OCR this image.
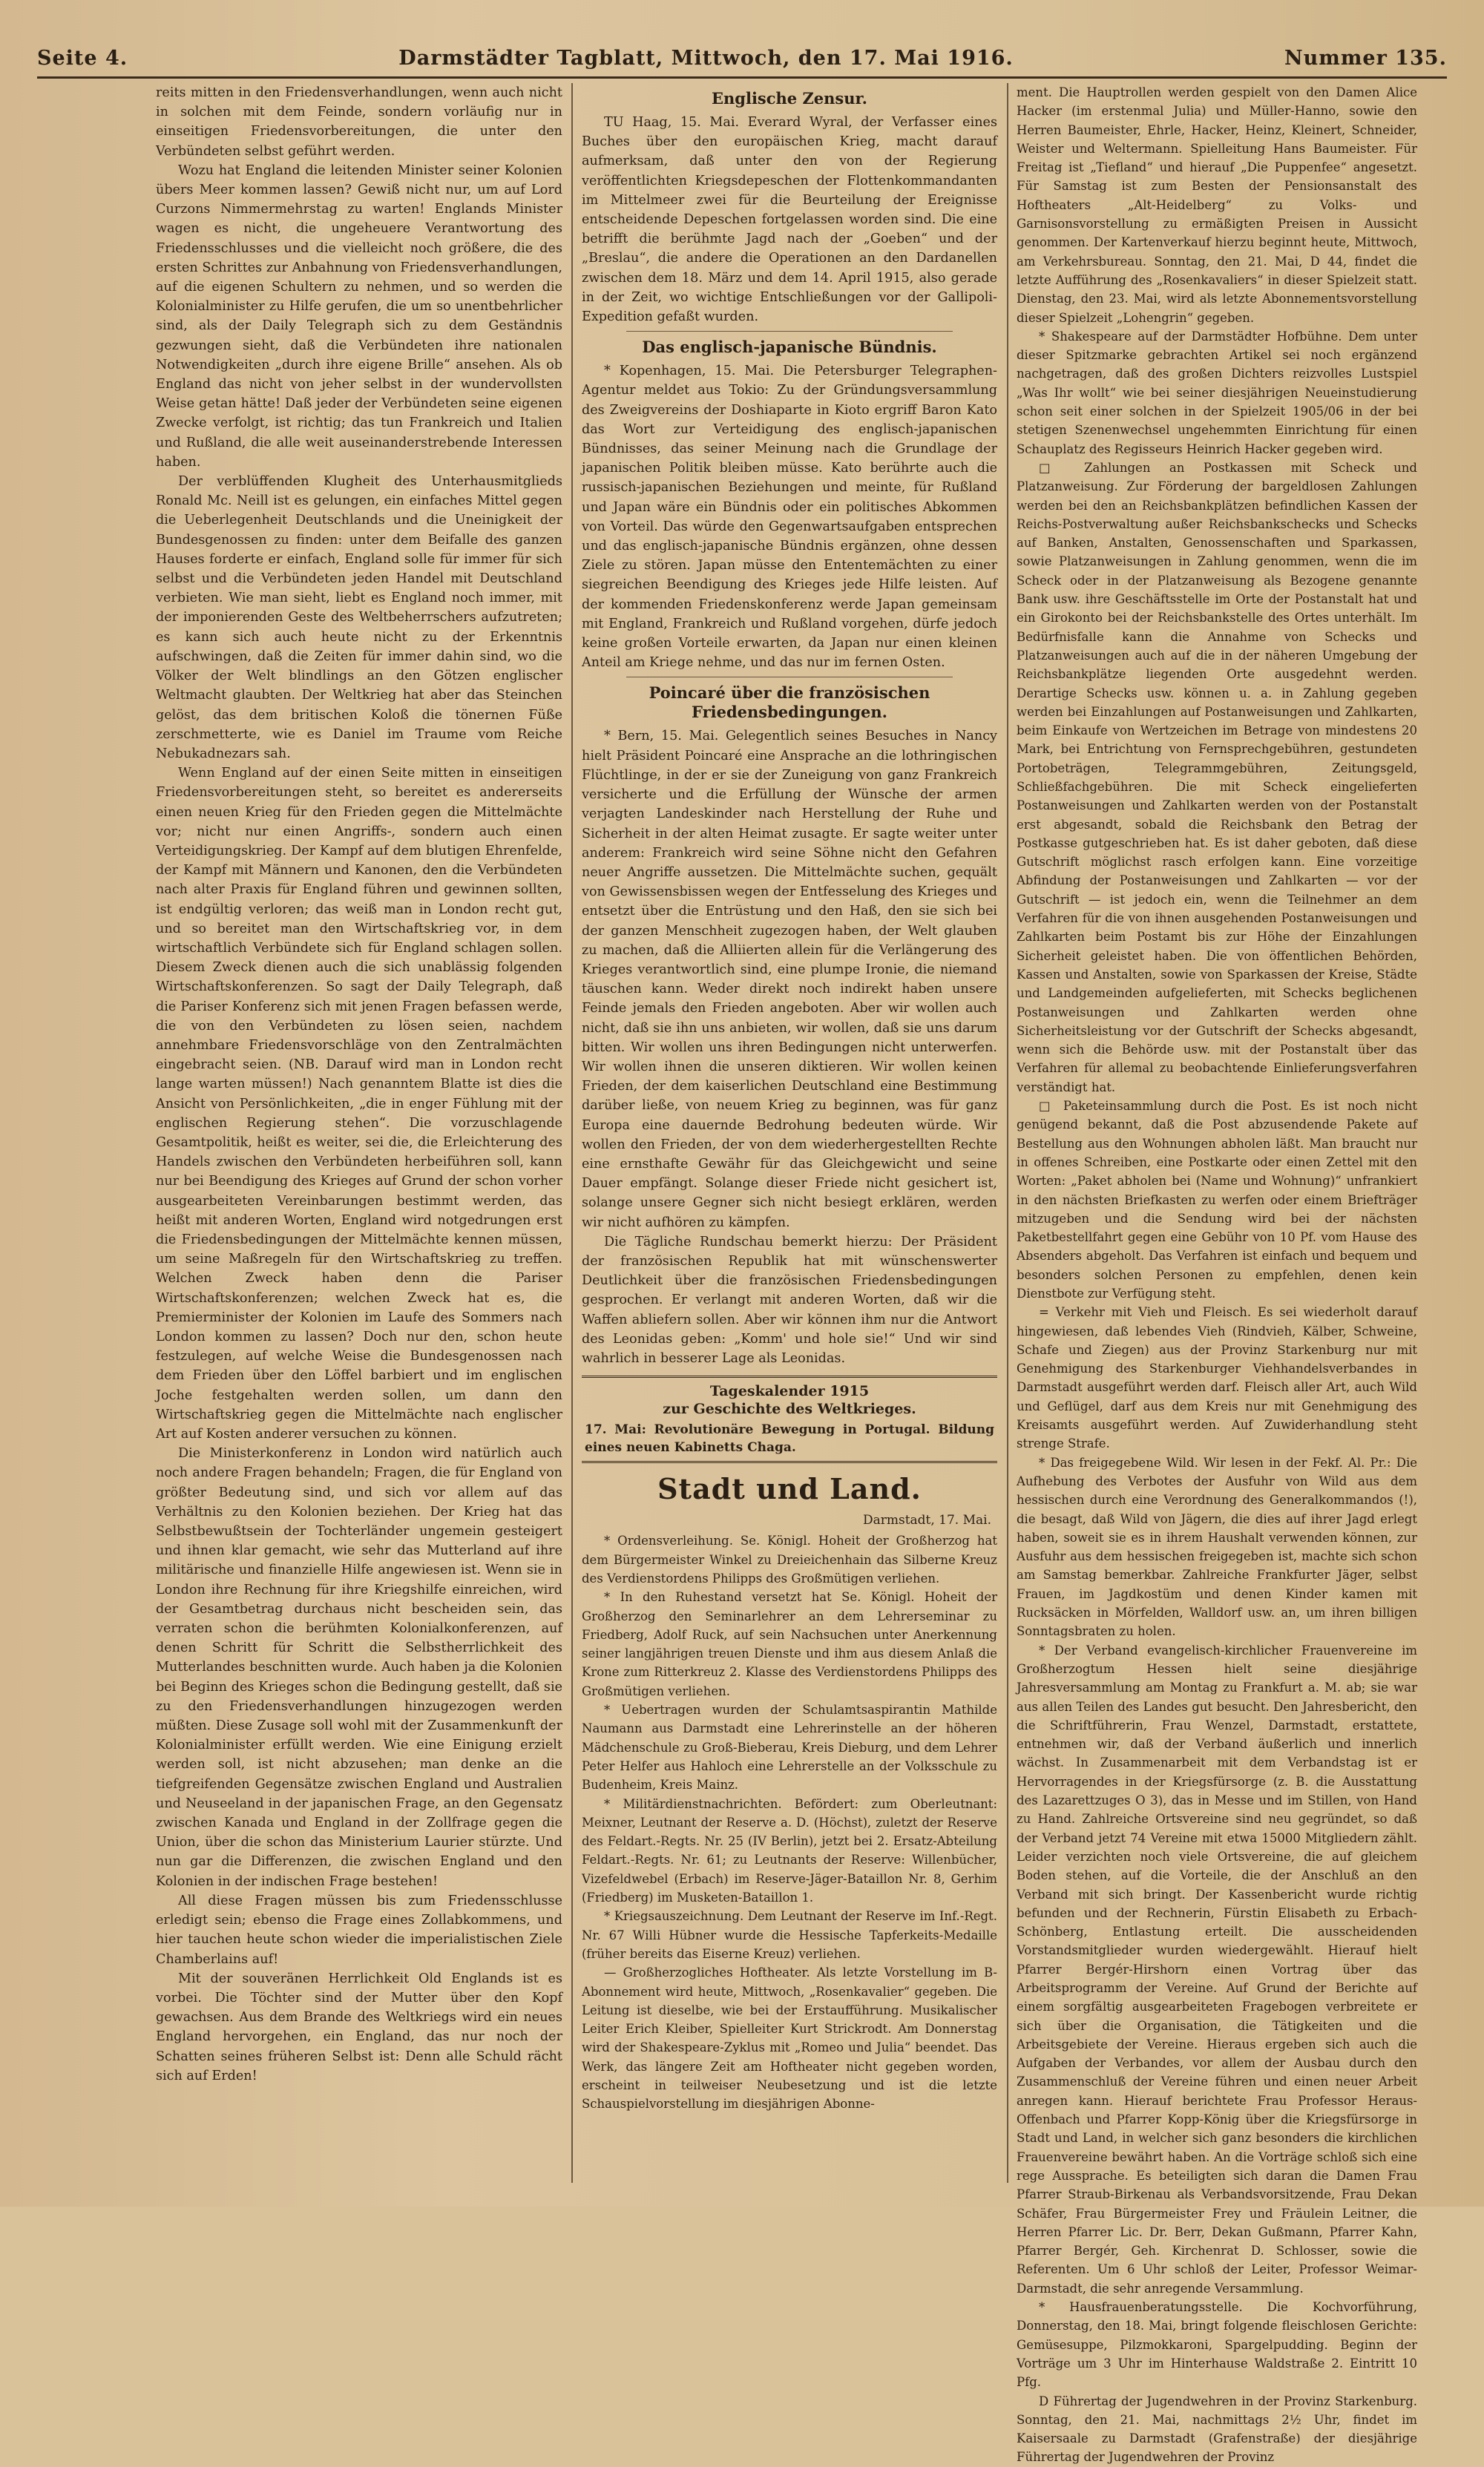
Seite 4.	Darmstädter Tagblatt, Mittwoch, den 17. Mai 1916.	Nummer 135.

reits mitten in den Friedensverhandlungen, wenn auch nicht in solchen mit dem Feinde, sondern vorläufig nur in einseitigen Friedensvorbereitungen, die unter den Verbündeten selbst geführt werden.

Wozu hat England die leitenden Minister seiner Kolonien übers Meer kommen lassen? Gewiß nicht nur, um auf Lord Curzons Nimmermehrstag zu warten! Englands Minister wagen es nicht, die ungeheuere Verantwortung des Friedensschlusses und die vielleicht noch größere, die des ersten Schrittes zur Anbahnung von Friedensverhandlungen, auf die eigenen Schultern zu nehmen, und so werden die Kolonialminister zu Hilfe gerufen, die um so unentbehrlicher sind, als der Daily Telegraph sich zu dem Geständnis gezwungen sieht, daß die Verbündeten ihre nationalen Notwendigkeiten „durch ihre eigene Brille“ ansehen. Als ob England das nicht von jeher selbst in der wundervollsten Weise getan hätte! Daß jeder der Verbündeten seine eigenen Zwecke verfolgt, ist richtig; das tun Frankreich und Italien und Rußland, die alle weit auseinanderstrebende Interessen haben.

Der verblüffenden Klugheit des Unterhausmitglieds Ronald Mc. Neill ist es gelungen, ein einfaches Mittel gegen die Ueberlegenheit Deutschlands und die Uneinigkeit der Bundesgenossen zu finden: unter dem Beifalle des ganzen Hauses forderte er einfach, England solle für immer für sich selbst und die Verbündeten jeden Handel mit Deutschland verbieten. Wie man sieht, liebt es England noch immer, mit der imponierenden Geste des Weltbeherrschers aufzutreten; es kann sich auch heute nicht zu der Erkenntnis aufschwingen, daß die Zeiten für immer dahin sind, wo die Völker der Welt blindlings an den Götzen englischer Weltmacht glaubten. Der Weltkrieg hat aber das Steinchen gelöst, das dem britischen Koloß die tönernen Füße zerschmetterte, wie es Daniel im Traume vom Reiche Nebukadnezars sah.

Wenn England auf der einen Seite mitten in einseitigen Friedensvorbereitungen steht, so bereitet es andererseits einen neuen Krieg für den Frieden gegen die Mittelmächte vor; nicht nur einen Angriffs-, sondern auch einen Verteidigungskrieg. Der Kampf auf dem blutigen Ehrenfelde, der Kampf mit Männern und Kanonen, den die Verbündeten nach alter Praxis für England führen und gewinnen sollten, ist endgültig verloren; das weiß man in London recht gut, und so bereitet man den Wirtschaftskrieg vor, in dem wirtschaftlich Verbündete sich für England schlagen sollen. Diesem Zweck dienen auch die sich unablässig folgenden Wirtschaftskonferenzen. So sagt der Daily Telegraph, daß die Pariser Konferenz sich mit jenen Fragen befassen werde, die von den Verbündeten zu lösen seien, nachdem annehmbare Friedensvorschläge von den Zentralmächten eingebracht seien. (NB. Darauf wird man in London recht lange warten müssen!) Nach genanntem Blatte ist dies die Ansicht von Persönlichkeiten, „die in enger Fühlung mit der englischen Regierung stehen“. Die vorzuschlagende Gesamtpolitik, heißt es weiter, sei die, die Erleichterung des Handels zwischen den Verbündeten herbeiführen soll, kann nur bei Beendigung des Krieges auf Grund der schon vorher ausgearbeiteten Vereinbarungen bestimmt werden, das heißt mit anderen Worten, England wird notgedrungen erst die Friedensbedingungen der Mittelmächte kennen müssen, um seine Maßregeln für den Wirtschaftskrieg zu treffen. Welchen Zweck haben denn die Pariser Wirtschaftskonferenzen; welchen Zweck hat es, die Premierminister der Kolonien im Laufe des Sommers nach London kommen zu lassen? Doch nur den, schon heute festzulegen, auf welche Weise die Bundesgenossen nach dem Frieden über den Löffel barbiert und im englischen Joche festgehalten werden sollen, um dann den Wirtschaftskrieg gegen die Mittelmächte nach englischer Art auf Kosten anderer versuchen zu können.

Die Ministerkonferenz in London wird natürlich auch noch andere Fragen behandeln; Fragen, die für England von größter Bedeutung sind, und sich vor allem auf das Verhältnis zu den Kolonien beziehen. Der Krieg hat das Selbstbewußtsein der Tochterländer ungemein gesteigert und ihnen klar gemacht, wie sehr das Mutterland auf ihre militärische und finanzielle Hilfe angewiesen ist. Wenn sie in London ihre Rechnung für ihre Kriegshilfe einreichen, wird der Gesamtbetrag durchaus nicht bescheiden sein, das verraten schon die berühmten Kolonialkonferenzen, auf denen Schritt für Schritt die Selbstherrlichkeit des Mutterlandes beschnitten wurde. Auch haben ja die Kolonien bei Beginn des Krieges schon die Bedingung gestellt, daß sie zu den Friedensverhandlungen hinzugezogen werden müßten. Diese Zusage soll wohl mit der Zusammenkunft der Kolonialminister erfüllt werden. Wie eine Einigung erzielt werden soll, ist nicht abzusehen; man denke an die tiefgreifenden Gegensätze zwischen England und Australien und Neuseeland in der japanischen Frage, an den Gegensatz zwischen Kanada und England in der Zollfrage gegen die Union, über die schon das Ministerium Laurier stürzte. Und nun gar die Differenzen, die zwischen England und den Kolonien in der indischen Frage bestehen!

All diese Fragen müssen bis zum Friedensschlusse erledigt sein; ebenso die Frage eines Zollabkommens, und hier tauchen heute schon wieder die imperialistischen Ziele Chamberlains auf!

Mit der souveränen Herrlichkeit Old Englands ist es vorbei. Die Töchter sind der Mutter über den Kopf gewachsen. Aus dem Brande des Weltkriegs wird ein neues England hervorgehen, ein England, das nur noch der Schatten seines früheren Selbst ist: Denn alle Schuld rächt sich auf Erden!

Englische Zensur.

TU Haag, 15. Mai. Everard Wyral, der Verfasser eines Buches über den europäischen Krieg, macht darauf aufmerksam, daß unter den von der Regierung veröffentlichten Kriegsdepeschen der Flottenkommandanten im Mittelmeer zwei für die Beurteilung der Ereignisse entscheidende Depeschen fortgelassen worden sind. Die eine betrifft die berühmte Jagd nach der „Goeben“ und der „Breslau“, die andere die Operationen an den Dardanellen zwischen dem 18. März und dem 14. April 1915, also gerade in der Zeit, wo wichtige Entschließungen vor der Gallipoli-Expedition gefaßt wurden.

Das englisch-japanische Bündnis.

* Kopenhagen, 15. Mai. Die Petersburger Telegraphen-Agentur meldet aus Tokio: Zu der Gründungsversammlung des Zweigvereins der Doshiaparte in Kioto ergriff Baron Kato das Wort zur Verteidigung des englisch-japanischen Bündnisses, das seiner Meinung nach die Grundlage der japanischen Politik bleiben müsse. Kato berührte auch die russisch-japanischen Beziehungen und meinte, für Rußland und Japan wäre ein Bündnis oder ein politisches Abkommen von Vorteil. Das würde den Gegenwartsaufgaben entsprechen und das englisch-japanische Bündnis ergänzen, ohne dessen Ziele zu stören. Japan müsse den Ententemächten zu einer siegreichen Beendigung des Krieges jede Hilfe leisten. Auf der kommenden Friedenskonferenz werde Japan gemeinsam mit England, Frankreich und Rußland vorgehen, dürfe jedoch keine großen Vorteile erwarten, da Japan nur einen kleinen Anteil am Kriege nehme, und das nur im fernen Osten.

Poincaré über die französischen Friedensbedingungen.

* Bern, 15. Mai. Gelegentlich seines Besuches in Nancy hielt Präsident Poincaré eine Ansprache an die lothringischen Flüchtlinge, in der er sie der Zuneigung von ganz Frankreich versicherte und die Erfüllung der Wünsche der armen verjagten Landeskinder nach Herstellung der Ruhe und Sicherheit in der alten Heimat zusagte. Er sagte weiter unter anderem: Frankreich wird seine Söhne nicht den Gefahren neuer Angriffe aussetzen. Die Mittelmächte suchen, gequält von Gewissensbissen wegen der Entfesselung des Krieges und entsetzt über die Entrüstung und den Haß, den sie sich bei der ganzen Menschheit zugezogen haben, der Welt glauben zu machen, daß die Alliierten allein für die Verlängerung des Krieges verantwortlich sind, eine plumpe Ironie, die niemand täuschen kann. Weder direkt noch indirekt haben unsere Feinde jemals den Frieden angeboten. Aber wir wollen auch nicht, daß sie ihn uns anbieten, wir wollen, daß sie uns darum bitten. Wir wollen uns ihren Bedingungen nicht unterwerfen. Wir wollen ihnen die unseren diktieren. Wir wollen keinen Frieden, der dem kaiserlichen Deutschland eine Bestimmung darüber ließe, von neuem Krieg zu beginnen, was für ganz Europa eine dauernde Bedrohung bedeuten würde. Wir wollen den Frieden, der von dem wiederhergestellten Rechte eine ernsthafte Gewähr für das Gleichgewicht und seine Dauer empfängt. Solange dieser Friede nicht gesichert ist, solange unsere Gegner sich nicht besiegt erklären, werden wir nicht aufhören zu kämpfen.

Die Tägliche Rundschau bemerkt hierzu: Der Präsident der französischen Republik hat mit wünschenswerter Deutlichkeit über die französischen Friedensbedingungen gesprochen. Er verlangt mit anderen Worten, daß wir die Waffen abliefern sollen. Aber wir können ihm nur die Antwort des Leonidas geben: „Komm' und hole sie!“ Und wir sind wahrlich in besserer Lage als Leonidas.

Tageskalender 1915
zur Geschichte des Weltkrieges.
17. Mai: Revolutionäre Bewegung in Portugal. Bildung eines neuen Kabinetts Chaga.
Stadt und Land.
Darmstadt, 17. Mai.

* Ordensverleihung. Se. Königl. Hoheit der Großherzog hat dem Bürgermeister Winkel zu Dreieichenhain das Silberne Kreuz des Verdienstordens Philipps des Großmütigen verliehen.

* In den Ruhestand versetzt hat Se. Königl. Hoheit der Großherzog den Seminarlehrer an dem Lehrerseminar zu Friedberg, Adolf Ruck, auf sein Nachsuchen unter Anerkennung seiner langjährigen treuen Dienste und ihm aus diesem Anlaß die Krone zum Ritterkreuz 2. Klasse des Verdienstordens Philipps des Großmütigen verliehen.

* Uebertragen wurden der Schulamtsaspirantin Mathilde Naumann aus Darmstadt eine Lehrerinstelle an der höheren Mädchenschule zu Groß-Bieberau, Kreis Dieburg, und dem Lehrer Peter Helfer aus Hahloch eine Lehrerstelle an der Volksschule zu Budenheim, Kreis Mainz.

* Militärdienstnachrichten. Befördert: zum Oberleutnant: Meixner, Leutnant der Reserve a. D. (Höchst), zuletzt der Reserve des Feldart.-Regts. Nr. 25 (IV Berlin), jetzt bei 2. Ersatz-Abteilung Feldart.-Regts. Nr. 61; zu Leutnants der Reserve: Willenbücher, Vizefeldwebel (Erbach) im Reserve-Jäger-Bataillon Nr. 8, Gerhim (Friedberg) im Musketen-Bataillon 1.

* Kriegsauszeichnung. Dem Leutnant der Reserve im Inf.-Regt. Nr. 67 Willi Hübner wurde die Hessische Tapferkeits-Medaille (früher bereits das Eiserne Kreuz) verliehen.

— Großherzogliches Hoftheater. Als letzte Vorstellung im B-Abonnement wird heute, Mittwoch, „Rosenkavalier“ gegeben. Die Leitung ist dieselbe, wie bei der Erstaufführung. Musikalischer Leiter Erich Kleiber, Spielleiter Kurt Strickrodt. Am Donnerstag wird der Shakespeare-Zyklus mit „Romeo und Julia“ beendet. Das Werk, das längere Zeit am Hoftheater nicht gegeben worden, erscheint in teilweiser Neubesetzung und ist die letzte Schauspielvorstellung im diesjährigen Abonne-

ment. Die Hauptrollen werden gespielt von den Damen Alice Hacker (im erstenmal Julia) und Müller-Hanno, sowie den Herren Baumeister, Ehrle, Hacker, Heinz, Kleinert, Schneider, Weister und Weltermann. Spielleitung Hans Baumeister. Für Freitag ist „Tiefland“ und hierauf „Die Puppenfee“ angesetzt. Für Samstag ist zum Besten der Pensionsanstalt des Hoftheaters „Alt-Heidelberg“ zu Volks- und Garnisonsvorstellung zu ermäßigten Preisen in Aussicht genommen. Der Kartenverkauf hierzu beginnt heute, Mittwoch, am Verkehrsbureau. Sonntag, den 21. Mai, D 44, findet die letzte Aufführung des „Rosenkavaliers“ in dieser Spielzeit statt. Dienstag, den 23. Mai, wird als letzte Abonnementsvorstellung dieser Spielzeit „Lohengrin“ gegeben.

* Shakespeare auf der Darmstädter Hofbühne. Dem unter dieser Spitzmarke gebrachten Artikel sei noch ergänzend nachgetragen, daß des großen Dichters reizvolles Lustspiel „Was Ihr wollt“ wie bei seiner diesjährigen Neueinstudierung schon seit einer solchen in der Spielzeit 1905/06 in der bei stetigen Szenenwechsel ungehemmten Einrichtung für einen Schauplatz des Regisseurs Heinrich Hacker gegeben wird.

□ Zahlungen an Postkassen mit Scheck und Platzanweisung. Zur Förderung der bargeldlosen Zahlungen werden bei den an Reichsbankplätzen befindlichen Kassen der Reichs-Postverwaltung außer Reichsbankschecks und Schecks auf Banken, Anstalten, Genossenschaften und Sparkassen, sowie Platzanweisungen in Zahlung genommen, wenn die im Scheck oder in der Platzanweisung als Bezogene genannte Bank usw. ihre Geschäftsstelle im Orte der Postanstalt hat und ein Girokonto bei der Reichsbankstelle des Ortes unterhält. Im Bedürfnisfalle kann die Annahme von Schecks und Platzanweisungen auch auf die in der näheren Umgebung der Reichsbankplätze liegenden Orte ausgedehnt werden. Derartige Schecks usw. können u. a. in Zahlung gegeben werden bei Einzahlungen auf Postanweisungen und Zahlkarten, beim Einkaufe von Wertzeichen im Betrage von mindestens 20 Mark, bei Entrichtung von Fernsprechgebühren, gestundeten Portobeträgen, Telegrammgebühren, Zeitungsgeld, Schließfachgebühren. Die mit Scheck eingelieferten Postanweisungen und Zahlkarten werden von der Postanstalt erst abgesandt, sobald die Reichsbank den Betrag der Postkasse gutgeschrieben hat. Es ist daher geboten, daß diese Gutschrift möglichst rasch erfolgen kann. Eine vorzeitige Abfindung der Postanweisungen und Zahlkarten — vor der Gutschrift — ist jedoch ein, wenn die Teilnehmer an dem Verfahren für die von ihnen ausgehenden Postanweisungen und Zahlkarten beim Postamt bis zur Höhe der Einzahlungen Sicherheit geleistet haben. Die von öffentlichen Behörden, Kassen und Anstalten, sowie von Sparkassen der Kreise, Städte und Landgemeinden aufgelieferten, mit Schecks beglichenen Postanweisungen und Zahlkarten werden ohne Sicherheitsleistung vor der Gutschrift der Schecks abgesandt, wenn sich die Behörde usw. mit der Postanstalt über das Verfahren für allemal zu beobachtende Einlieferungsverfahren verständigt hat.

□ Paketeinsammlung durch die Post. Es ist noch nicht genügend bekannt, daß die Post abzusendende Pakete auf Bestellung aus den Wohnungen abholen läßt. Man braucht nur in offenes Schreiben, eine Postkarte oder einen Zettel mit den Worten: „Paket abholen bei (Name und Wohnung)“ unfrankiert in den nächsten Briefkasten zu werfen oder einem Briefträger mitzugeben und die Sendung wird bei der nächsten Paketbestellfahrt gegen eine Gebühr von 10 Pf. vom Hause des Absenders abgeholt. Das Verfahren ist einfach und bequem und besonders solchen Personen zu empfehlen, denen kein Dienstbote zur Verfügung steht.

= Verkehr mit Vieh und Fleisch. Es sei wiederholt darauf hingewiesen, daß lebendes Vieh (Rindvieh, Kälber, Schweine, Schafe und Ziegen) aus der Provinz Starkenburg nur mit Genehmigung des Starkenburger Viehhandelsverbandes in Darmstadt ausgeführt werden darf. Fleisch aller Art, auch Wild und Geflügel, darf aus dem Kreis nur mit Genehmigung des Kreisamts ausgeführt werden. Auf Zuwiderhandlung steht strenge Strafe.

* Das freigegebene Wild. Wir lesen in der Fekf. Al. Pr.: Die Aufhebung des Verbotes der Ausfuhr von Wild aus dem hessischen durch eine Verordnung des Generalkommandos (!), die besagt, daß Wild von Jägern, die dies auf ihrer Jagd erlegt haben, soweit sie es in ihrem Haushalt verwenden können, zur Ausfuhr aus dem hessischen freigegeben ist, machte sich schon am Samstag bemerkbar. Zahlreiche Frankfurter Jäger, selbst Frauen, im Jagdkostüm und denen Kinder kamen mit Rucksäcken in Mörfelden, Walldorf usw. an, um ihren billigen Sonntagsbraten zu holen.

* Der Verband evangelisch-kirchlicher Frauenvereine im Großherzogtum Hessen hielt seine diesjährige Jahresversammlung am Montag zu Frankfurt a. M. ab; sie war aus allen Teilen des Landes gut besucht. Den Jahresbericht, den die Schriftführerin, Frau Wenzel, Darmstadt, erstattete, entnehmen wir, daß der Verband äußerlich und innerlich wächst. In Zusammenarbeit mit dem Verbandstag ist er Hervorragendes in der Kriegsfürsorge (z. B. die Ausstattung des Lazarettzuges O 3), das in Messe und im Stillen, von Hand zu Hand. Zahlreiche Ortsvereine sind neu gegründet, so daß der Verband jetzt 74 Vereine mit etwa 15000 Mitgliedern zählt. Leider verzichten noch viele Ortsvereine, die auf gleichem Boden stehen, auf die Vorteile, die der Anschluß an den Verband mit sich bringt. Der Kassenbericht wurde richtig befunden und der Rechnerin, Fürstin Elisabeth zu Erbach-Schönberg, Entlastung erteilt. Die ausscheidenden Vorstandsmitglieder wurden wiedergewählt. Hierauf hielt Pfarrer Bergér-Hirshorn einen Vortrag über das Arbeitsprogramm der Vereine. Auf Grund der Berichte auf einem sorgfältig ausgearbeiteten Fragebogen verbreitete er sich über die Organisation, die Tätigkeiten und die Arbeitsgebiete der Vereine. Hieraus ergeben sich auch die Aufgaben der Verbandes, vor allem der Ausbau durch den Zusammenschluß der Vereine führen und einen neuer Arbeit anregen kann. Hierauf berichtete Frau Professor Heraus-Offenbach und Pfarrer Kopp-König über die Kriegsfürsorge in Stadt und Land, in welcher sich ganz besonders die kirchlichen Frauenvereine bewährt haben. An die Vorträge schloß sich eine rege Aussprache. Es beteiligten sich daran die Damen Frau Pfarrer Straub-Birkenau als Verbandsvorsitzende, Frau Dekan Schäfer, Frau Bürgermeister Frey und Fräulein Leitner, die Herren Pfarrer Lic. Dr. Berr, Dekan Gußmann, Pfarrer Kahn, Pfarrer Bergér, Geh. Kirchenrat D. Schlosser, sowie die Referenten. Um 6 Uhr schloß der Leiter, Professor Weimar-Darmstadt, die sehr anregende Versammlung.

* Hausfrauenberatungsstelle. Die Kochvorführung, Donnerstag, den 18. Mai, bringt folgende fleischlosen Gerichte: Gemüsesuppe, Pilzmokkaroni, Spargelpudding. Beginn der Vorträge um 3 Uhr im Hinterhause Waldstraße 2. Eintritt 10 Pfg.

D Führertag der Jugendwehren in der Provinz Starkenburg. Sonntag, den 21. Mai, nachmittags 2½ Uhr, findet im Kaisersaale zu Darmstadt (Grafenstraße) der diesjährige Führertag der Jugendwehren der Provinz
